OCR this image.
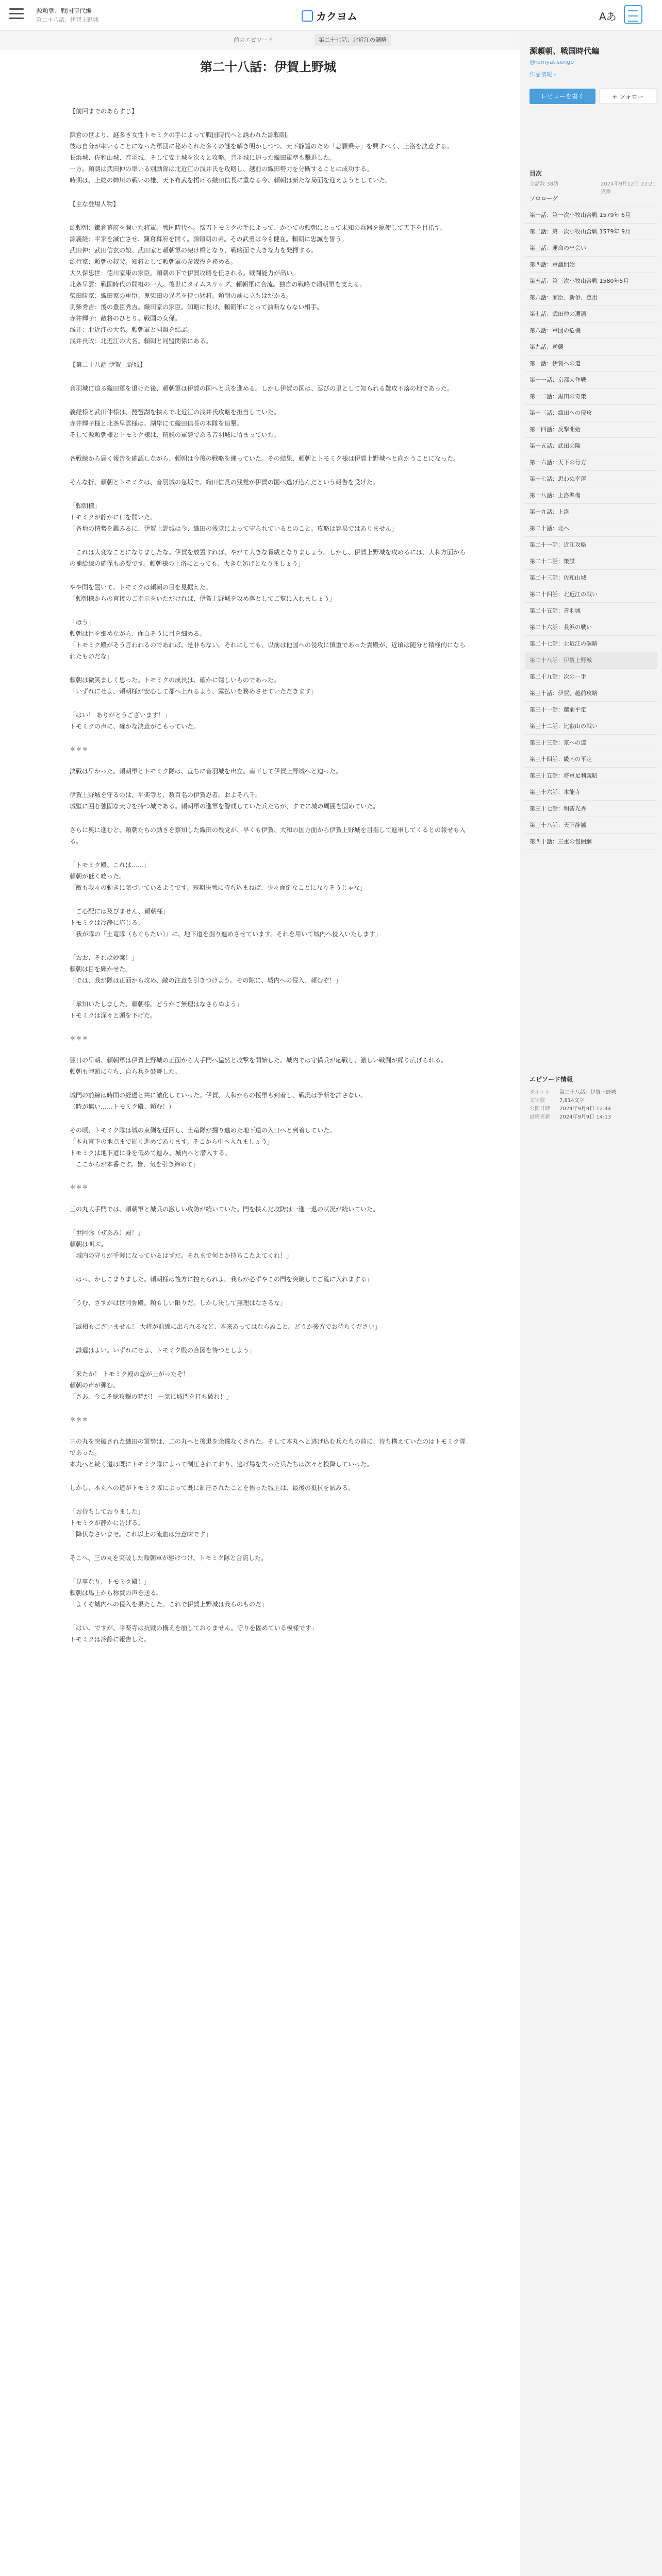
源頼朝、戦国時代編
第二十八話：伊賀上野城	カクヨム	Aあ
前のエピソード	第二十七話：北近江の調略
第二十八話：伊賀上野城

【前回までのあらすじ】

鎌倉の世より、謎多き女性トモミクの手によって戦国時代へと誘われた源頼朝。
彼は自分が率いることになった軍団に秘められた多くの謎を解き明かしつつ、天下静謐のため「悲願乗寺」を興すべく、上洛を決意する。
長浜城、佐和山城、音羽城、そして安土城を次々と攻略。音羽城に迫った織田軍準も撃退した。
一方、頼朝は武田仲の率いる別動隊は北近江の浅井氏を攻略し、越前の織田勢力を分断することに成功する。
時期は、上総の姉川の戦いの雄、天下布武を掲げる織田信長に重なる今、頼朝は新たな局面を迎えようとしていた。

【主な登場人物】

源頼朝：鎌倉幕府を開いた将軍。戦国時代へ。懐刀トモミクの手によって、かつての頼朝にとって未知の兵器を駆使して天下を目指す。
源義経：平家を滅亡させ、鎌倉幕府を開く。源頼朝の弟。その武勇は今も健在。頼朝に忠誠を誓う。
武田仲：武田信玄の娘。武田家と頼朝軍の架け橋となり、戦略面で大きな力を発揮する。
源行家：頼朝の叔父。知将として頼朝軍の参謀役を務める。
大久保忠世：徳川家康の家臣。頼朝の下で伊賀攻略を任される。戦闘能力が高い。
北条早雲：戦国時代の開祖の一人。後世にタイムスリップ、頼朝軍に合流。独自の戦略で頼朝軍を支える。
柴田勝家：織田家の重臣。鬼柴田の異名を持つ猛将。頼朝の前に立ちはだかる。
羽柴秀吉：後の豊臣秀吉。織田家の家臣。知略に長け、頼朝軍にとって油断ならない相手。
赤井輝子：敵将のひとり。戦国の女傑。
浅井：北近江の大名。頼朝軍と同盟を結ぶ。
浅井長政：北近江の大名。頼朝と同盟関係にある。

【第二十八話 伊賀上野城】

音羽城に迫る織田軍を退けた後、頼朝軍は伊賀の国へと兵を進める。しかし伊賀の国は、忍びの里として知られる難攻不落の地であった。

義経様と武田仲様は、琵琶湖を挟んで北近江の浅井氏攻略を担当していた。
赤井輝子様と北条早雲様は、湖岸にて織田信長の本隊を追撃。
そして源頼朝様とトモミク様は、精鋭の軍勢である音羽城に留まっていた。

各戦線から届く報告を確認しながら、頼朝は今後の戦略を練っていた。その結果、頼朝とトモミク様は伊賀上野城へと向かうことになった。

そんな折、頼朝とトモミクは、音羽城の急坂で、織田信長の残党が伊賀の国へ逃げ込んだという報告を受けた。

「頼朝様」
トモミクが静かに口を開いた。
「各地の情勢を鑑みるに、伊賀上野城は今、織田の残党によって守られているとのこと。攻略は容易ではありません」

「これは大変なことになりましたな。伊賀を放置すれば、やがて大きな脅威となりましょう。しかし、伊賀上野城を攻めるには、大和方面からの補給線の確保も必要です。頼朝様の上洛にとっても、大きな妨げとなりましょう」

やや間を置いて、トモミクは頼朝の目を見据えた。
「頼朝様からの直接のご指示をいただければ、伊賀上野城を攻め落としてご覧に入れましょう」

「ほう」
頼朝は目を細めながら、面白そうに目を細める。
「トモミク殿がそう言われるのであれば、是非もない。それにしても、以前は他国への侵攻に慎重であった貴殿が、近頃は随分と積極的になられたものだな」

頼朝は微笑ましく思った。トモミクの成長は、確かに嬉しいものであった。
「いずれにせよ、頼朝様が安心して都へ上れるよう、露払いを務めさせていただきます」

「はい！ ありがとうございます！」
トモミクの声に、確かな決意がこもっていた。

＊＊＊

決戦は早かった。頼朝軍とトモミク隊は、直ちに音羽城を出立。南下して伊賀上野城へと迫った。

伊賀上野城を守るのは、平楽寺と、数百名の伊賀忍者。およそ八千。
城壁に囲む強固な天守を持つ城である。頼朝軍の進軍を警戒していた兵たちが、すでに城の周囲を固めていた。

さらに奥に進むと、頼朝たちの動きを察知した織田の残党が、早くも伊賀、大和の国方面から伊賀上野城を目指して進軍してくるとの報せも入る。

「トモミク殿、これは……」
頼朝が低く唸った。
「敵も我々の動きに気づいているようです。短期決戦に持ち込まねば、少々面倒なことになりそうじゃな」

「ご心配には及びません、頼朝様」
トモミクは冷静に応じる。
「我が隊の『土竜隊（もぐらたい）』に、地下道を掘り進めさせています。それを用いて城内へ侵入いたします」

「おお、それは妙案！」
頼朝は目を輝かせた。
「では、我が隊は正面から攻め、敵の注意を引きつけよう。その隙に、城内への侵入、頼むぞ！」

「承知いたしました、頼朝様。どうかご無理はなさらぬよう」
トモミクは深々と頭を下げた。

＊＊＊

翌日の早朝、頼朝軍は伊賀上野城の正面から大手門へ猛然と攻撃を開始した。城内では守備兵が応戦し、激しい戦闘が繰り広げられる。
頼朝も陣頭に立ち、自ら兵を鼓舞した。

城門の前線は時間の経過と共に激化していった。伊賀、大和からの援軍も到着し、戦況は予断を許さない。
（時が無い……トモミク殿、頼む！）

その頃、トモミク隊は城の東側を迂回し、土竜隊が掘り進めた地下道の入口へと到着していた。
「本丸直下の地点まで掘り進めてあります。そこから中へ入れましょう」
トモミクは地下道に身を低めて進み、城内へと潜入する。
「ここからが本番です。皆、気を引き締めて」

＊＊＊

三の丸大手門では、頼朝軍と城兵の激しい攻防が続いていた。門を挟んだ攻防は一進一退の状況が続いていた。

「世阿弥（ぜあみ）殿！」
頼朝は叫ぶ。
「城内の守りが手薄になっているはずだ。それまで何とか持ちこたえてくれ！」

「はっ、かしこまりました。頼朝様は後方に控えられよ。我らが必ずやこの門を突破してご覧に入れまする」

「うむ、さすがは世阿弥殿。頼もしい限りだ。しかし決して無理はなさるな」

「滅相もございません！ 大将が前線に出られるなど、本来あってはならぬこと。どうか後方でお待ちください」

「謙遜はよい。いずれにせよ、トモミク殿の合図を待つとしよう」

「来たか！ トモミク殿の煙が上がったぞ！」
頼朝の声が弾む。
「さあ、今こそ総攻撃の時だ！ 一気に城門を打ち破れ！」

＊＊＊

三の丸を突破された織田の軍勢は、二の丸へと後退を余儀なくされた。そして本丸へと逃げ込む兵たちの前に、待ち構えていたのはトモミク隊であった。
本丸へと続く道は既にトモミク隊によって制圧されており、逃げ場を失った兵たちは次々と投降していった。

しかし、本丸への道がトモミク隊によって既に制圧されたことを悟った城主は、最後の抵抗を試みる。

「お待ちしておりました」
トモミクが静かに告げる。
「降伏なさいませ。これ以上の流血は無意味です」

そこへ、三の丸を突破した頼朝軍が駆けつけ、トモミク隊と合流した。

「見事なり、トモミク殿！」
頼朝は馬上から称賛の声を送る。
「よくぞ城内への侵入を果たした。これで伊賀上野城は我らのものだ」

「はい、ですが、平楽寺は抗戦の構えを崩しておりません。守りを固めている模様です」
トモミクは冷静に報告した。

源頼朝、戦国時代編
@fomyatisengo
作品情報 ›
レビューを書く	+ フォロー
目次
全話数 38話	2024年9月12日 22:21 更新
プロローグ
第一話：第一次小牧山合戦 1579年 6月
第二話：第一次小牧山合戦 1579年 9月
第三話：運命の出会い
第四話：軍議開始
第五話：第三次小牧山合戦 1580年5月
第六話：家臣、新参、登用
第七話：武田仲の遭遇
第八話：軍団の危機
第九話：逆襲
第十話：伊賀への道
第十一話：京都大作戦
第十二話：黒田の奇策
第十三話：織田への侵攻
第十四話：反撃開始
第十五話：武田の隙
第十六話：天下の行方
第十七話：思わぬ幸運
第十八話：上洛準備
第十九話：上洛
第二十話：北へ
第二十一話：近江攻略
第二十二話：策謀
第二十三話：佐和山城
第二十四話：北近江の戦い
第二十五話：音羽城
第二十六話：長浜の戦い
第二十七話：北近江の調略
第二十八話：伊賀上野城
第二十九話：次の一手
第三十話：伊賀、越前攻略
第三十一話：越前平定
第三十二話：比叡山の戦い
第三十三話：京への道
第三十四話：畿内の平定
第三十五話：将軍足利義昭
第三十六話：本能寺
第三十七話：明智光秀
第三十八話：天下静謐
第四十話：三重の包囲網
エピソード情報
タイトル 第二十八話：伊賀上野城
文字数	7,814文字
公開日時 2024年9月9日 12:44
最終更新 2024年9月9日 14:13
